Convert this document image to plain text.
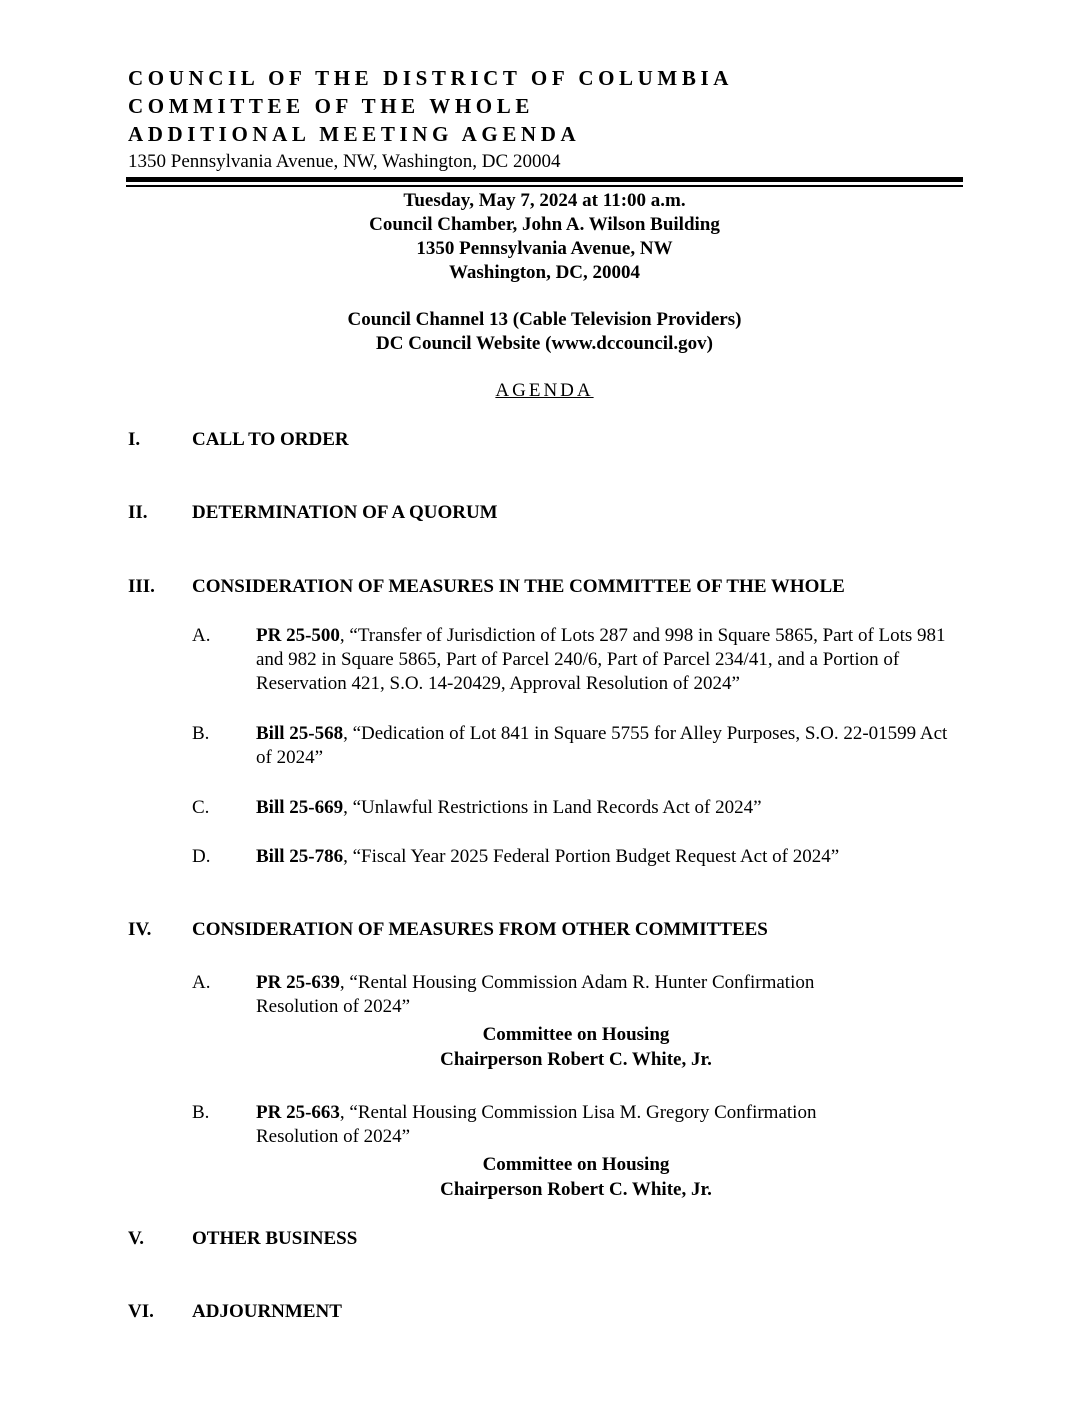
COUNCIL OF THE DISTRICT OF COLUMBIA
COMMITTEE OF THE WHOLE
ADDITIONAL MEETING AGENDA
1350 Pennsylvania Avenue, NW, Washington, DC 20004
Tuesday, May 7, 2024 at 11:00 a.m.
Council Chamber, John A. Wilson Building
1350 Pennsylvania Avenue, NW
Washington, DC, 20004
Council Channel 13 (Cable Television Providers)
DC Council Website (www.dccouncil.gov)
AGENDA
I.	CALL TO ORDER
II. DETERMINATION OF A QUORUM
III. CONSIDERATION OF MEASURES IN THE COMMITTEE OF THE WHOLE
A. PR 25-500, “Transfer of Jurisdiction of Lots 287 and 998 in Square 5865, Part of Lots 981 and 982 in Square 5865, Part of Parcel 240/6, Part of Parcel 234/41, and a Portion of Reservation 421, S.O. 14-20429, Approval Resolution of 2024”
B. Bill 25-568, “Dedication of Lot 841 in Square 5755 for Alley Purposes, S.O. 22-01599 Act of 2024”
C. Bill 25-669, “Unlawful Restrictions in Land Records Act of 2024”
D. Bill 25-786, “Fiscal Year 2025 Federal Portion Budget Request Act of 2024”
IV. CONSIDERATION OF MEASURES FROM OTHER COMMITTEES
A. PR 25-639, “Rental Housing Commission Adam R. Hunter Confirmation Resolution of 2024”
Committee on Housing
Chairperson Robert C. White, Jr.
B. PR 25-663, “Rental Housing Commission Lisa M. Gregory Confirmation Resolution of 2024”
Committee on Housing
Chairperson Robert C. White, Jr.
V.	OTHER BUSINESS
VI. ADJOURNMENT
